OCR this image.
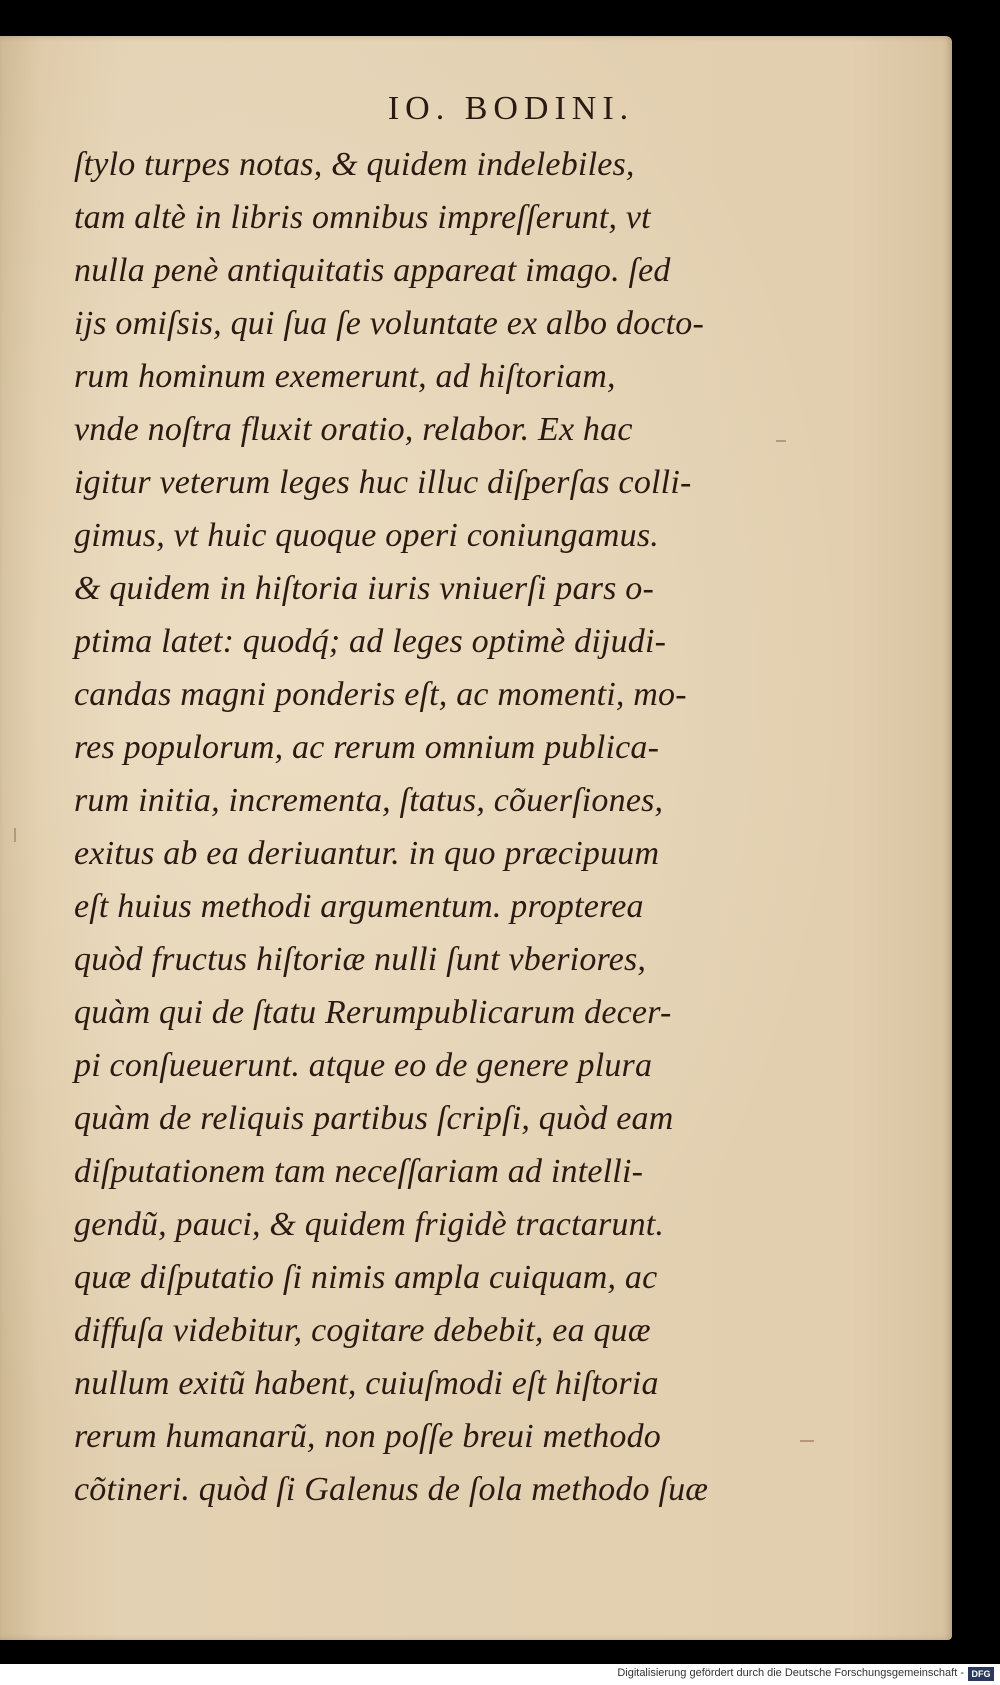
IO. BODINI.
ſtylo turpes notas, & quidem indelebiles,
tam altè in libris omnibus impreſſerunt, vt
nulla penè antiquitatis appareat imago. ſed
ijs omiſsis, qui ſua ſe voluntate ex albo docto-
rum hominum exemerunt, ad hiſtoriam,
vnde noſtra fluxit oratio, relabor. Ex hac
igitur veterum leges huc illuc diſperſas colli-
gimus, vt huic quoque operi coniungamus.
& quidem in hiſtoria iuris vniuerſi pars o-
ptima latet: quodq́; ad leges optimè dijudi-
candas magni ponderis eſt, ac momenti, mo-
res populorum, ac rerum omnium publica-
rum initia, incrementa, ſtatus, cõuerſiones,
exitus ab ea deriuantur. in quo præcipuum
eſt huius methodi argumentum. propterea
quòd fructus hiſtoriæ nulli ſunt vberiores,
quàm qui de ſtatu Rerumpublicarum decer-
pi conſueuerunt. atque eo de genere plura
quàm de reliquis partibus ſcripſi, quòd eam
diſputationem tam neceſſariam ad intelli-
gendũ, pauci, & quidem frigidè tractarunt.
quæ diſputatio ſi nimis ampla cuiquam, ac
diffuſa videbitur, cogitare debebit, ea quæ
nullum exitũ habent, cuiuſmodi eſt hiſtoria
rerum humanarũ, non poſſe breui methodo
cõtineri. quòd ſi Galenus de ſola methodo ſuæ
Digitalisierung gefördert durch die Deutsche Forschungsgemeinschaft - DFG
